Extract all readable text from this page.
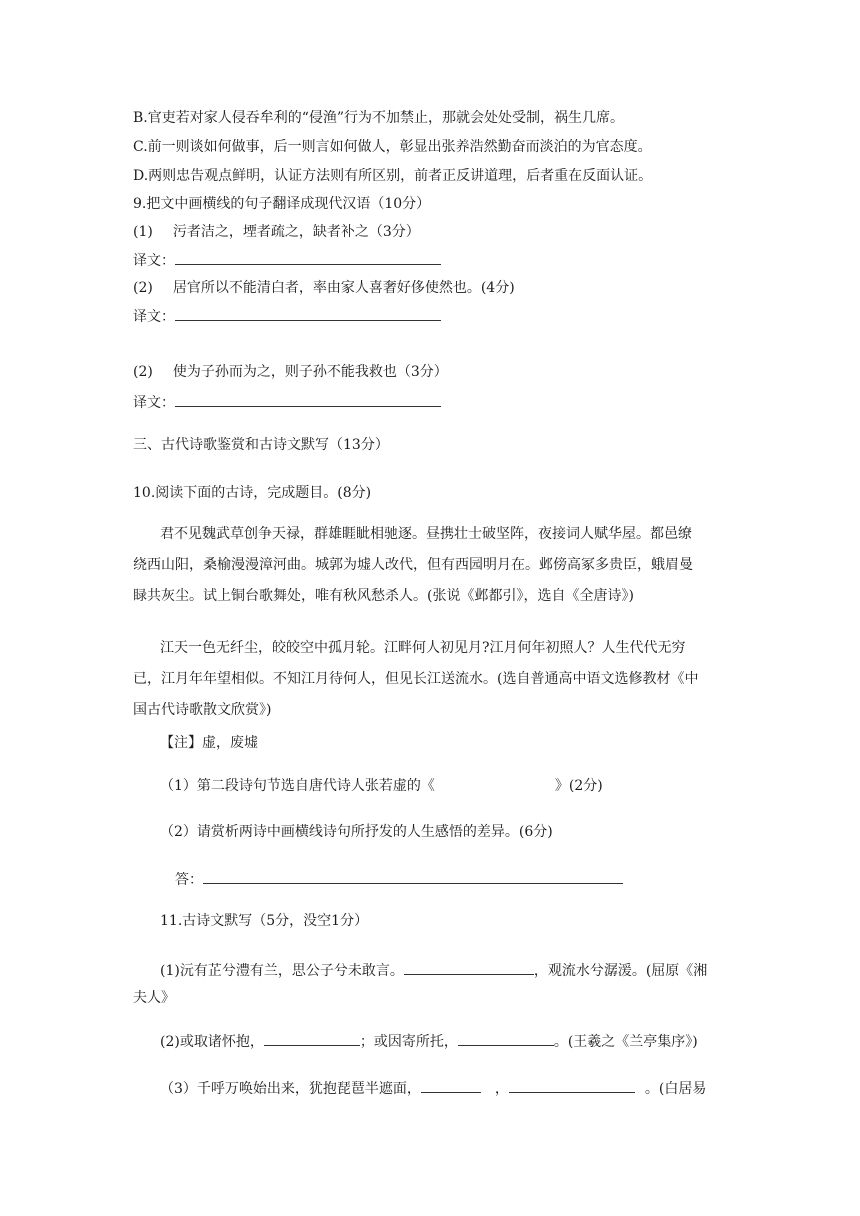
B.官吏若对家人侵吞牟利的“侵渔”行为不加禁止，那就会处处受制，祸生几席。
C.前一则谈如何做事，后一则言如何做人，彰显出张养浩然勤奋而淡泊的为官态度。
D.两则忠告观点鲜明，认证方法则有所区别，前者正反讲道理，后者重在反面认证。
9.把文中画横线的句子翻译成现代汉语（10分）
(1) 污者洁之，堙者疏之，缺者补之（3分）
译文：
(2) 居官所以不能清白者，率由家人喜奢好侈使然也。(4分)
译文：
(2) 使为子孙而为之，则子孙不能我救也（3分）
译文：
三、古代诗歌鉴赏和古诗文默写（13分）
10.阅读下面的古诗，完成题目。(8分)
君不见魏武草创争天禄，群雄睚眦相驰逐。昼携壮士破坚阵，夜接词人赋华屋。都邑缭
绕西山阳，桑榆漫漫漳河曲。城郭为墟人改代，但有西园明月在。邺傍高冢多贵臣，蛾眉曼
睩共灰尘。试上铜台歌舞处，唯有秋风愁杀人。(张说《邺都引》，选自《全唐诗》)
江天一色无纤尘，皎皎空中孤月轮。江畔何人初见月?江月何年初照人？人生代代无穷
已，江月年年望相似。不知江月待何人，但见长江送流水。(选自普通高中语文选修教材《中
国古代诗歌散文欣赏》)
【注】虚，废墟
（1）第二段诗句节选自唐代诗人张若虚的《	》(2分)
（2）请赏析两诗中画横线诗句所抒发的人生感悟的差异。(6分)
答：
11.古诗文默写（5分，没空1分）
(1)沅有芷兮澧有兰，思公子兮未敢言。	，观流水兮潺湲。(屈原《湘
夫人》
(2)或取诸怀抱，	；或因寄所托，	。(王羲之《兰亭集序》)
（3）千呼万唤始出来，犹抱琵琶半遮面，	，	。(白居易
